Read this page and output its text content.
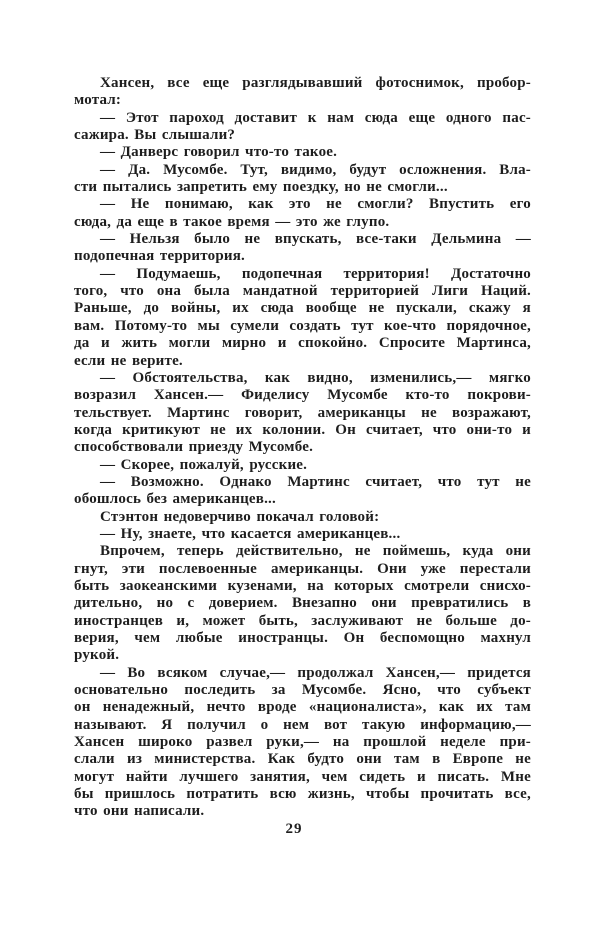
Хансен, все еще разглядывавший фотоснимок, пробор-
мотал:
— Этот пароход доставит к нам сюда еще одного пас-
сажира. Вы слышали?
— Данверс говорил что-то такое.
— Да. Мусомбе. Тут, видимо, будут осложнения. Вла-
сти пытались запретить ему поездку, но не смогли...
— Не понимаю, как это не смогли? Впустить его
сюда, да еще в такое время — это же глупо.
— Нельзя было не впускать, все-таки Дельмина —
подопечная территория.
— Подумаешь, подопечная территория! Достаточно
того, что она была мандатной территорией Лиги Наций.
Раньше, до войны, их сюда вообще не пускали, скажу я
вам. Потому-то мы сумели создать тут кое-что порядочное,
да и жить могли мирно и спокойно. Спросите Мартинса,
если не верите.
— Обстоятельства, как видно, изменились,— мягко
возразил Хансен.— Фиделису Мусомбе кто-то покрови-
тельствует. Мартинс говорит, американцы не возражают,
когда критикуют не их колонии. Он считает, что они-то и
способствовали приезду Мусомбе.
— Скорее, пожалуй, русские.
— Возможно. Однако Мартинс считает, что тут не
обошлось без американцев...
Стэнтон недоверчиво покачал головой:
— Ну, знаете, что касается американцев...
Впрочем, теперь действительно, не поймешь, куда они
гнут, эти послевоенные американцы. Они уже перестали
быть заокеанскими кузенами, на которых смотрели снисхо-
дительно, но с доверием. Внезапно они превратились в
иностранцев и, может быть, заслуживают не больше до-
верия, чем любые иностранцы. Он беспомощно махнул
рукой.
— Во всяком случае,— продолжал Хансен,— придется
основательно последить за Мусомбе. Ясно, что субъект
он ненадежный, нечто вроде «националиста», как их там
называют. Я получил о нем вот такую информацию,—
Хансен широко развел руки,— на прошлой неделе при-
слали из министерства. Как будто они там в Европе не
могут найти лучшего занятия, чем сидеть и писать. Мне
бы пришлось потратить всю жизнь, чтобы прочитать все,
что они написали.
29
